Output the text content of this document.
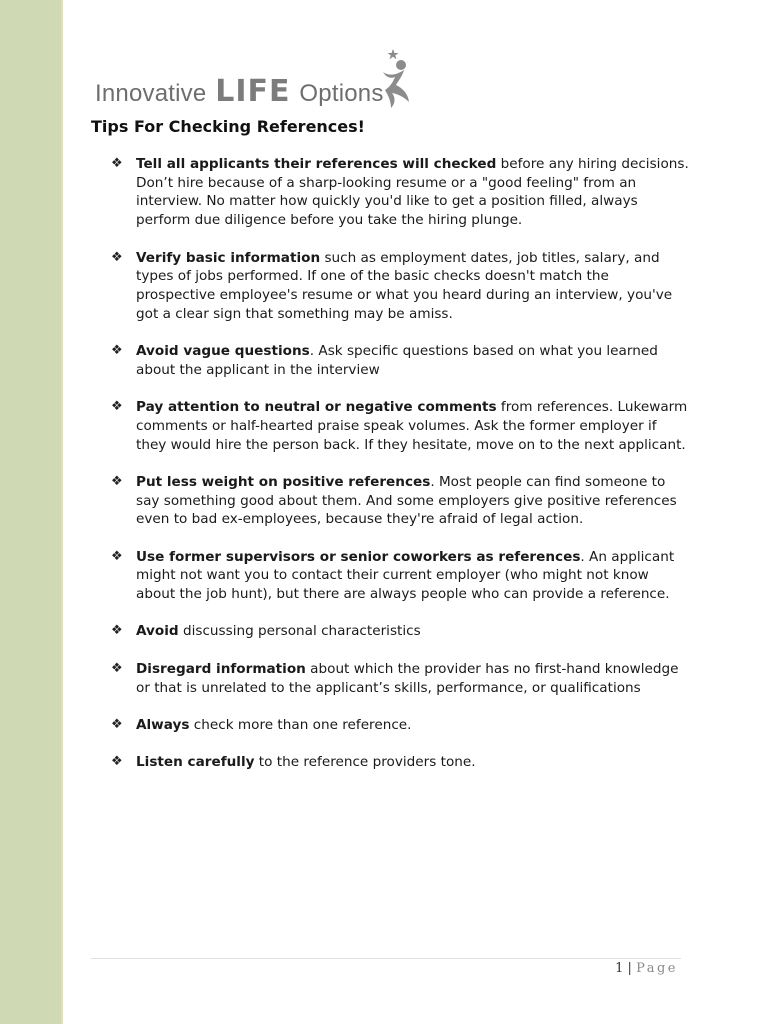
Innovative LIFE Options
Tips For Checking References!
❖ Tell all applicants their references will checked before any hiring decisions. Don’t hire because of a sharp-looking resume or a "good feeling" from an interview. No matter how quickly you'd like to get a position filled, always perform due diligence before you take the hiring plunge.
❖ Verify basic information such as employment dates, job titles, salary, and types of jobs performed. If one of the basic checks doesn't match the prospective employee's resume or what you heard during an interview, you've got a clear sign that something may be amiss.
❖ Avoid vague questions. Ask specific questions based on what you learned about the applicant in the interview
❖ Pay attention to neutral or negative comments from references. Lukewarm comments or half-hearted praise speak volumes. Ask the former employer if they would hire the person back. If they hesitate, move on to the next applicant.
❖ Put less weight on positive references. Most people can find someone to say something good about them. And some employers give positive references even to bad ex-employees, because they're afraid of legal action.
❖ Use former supervisors or senior coworkers as references. An applicant might not want you to contact their current employer (who might not know about the job hunt), but there are always people who can provide a reference.
❖ Avoid discussing personal characteristics
❖ Disregard information about which the provider has no first-hand knowledge or that is unrelated to the applicant’s skills, performance, or qualifications
❖ Always check more than one reference.
❖ Listen carefully to the reference providers tone.
1 | Page
